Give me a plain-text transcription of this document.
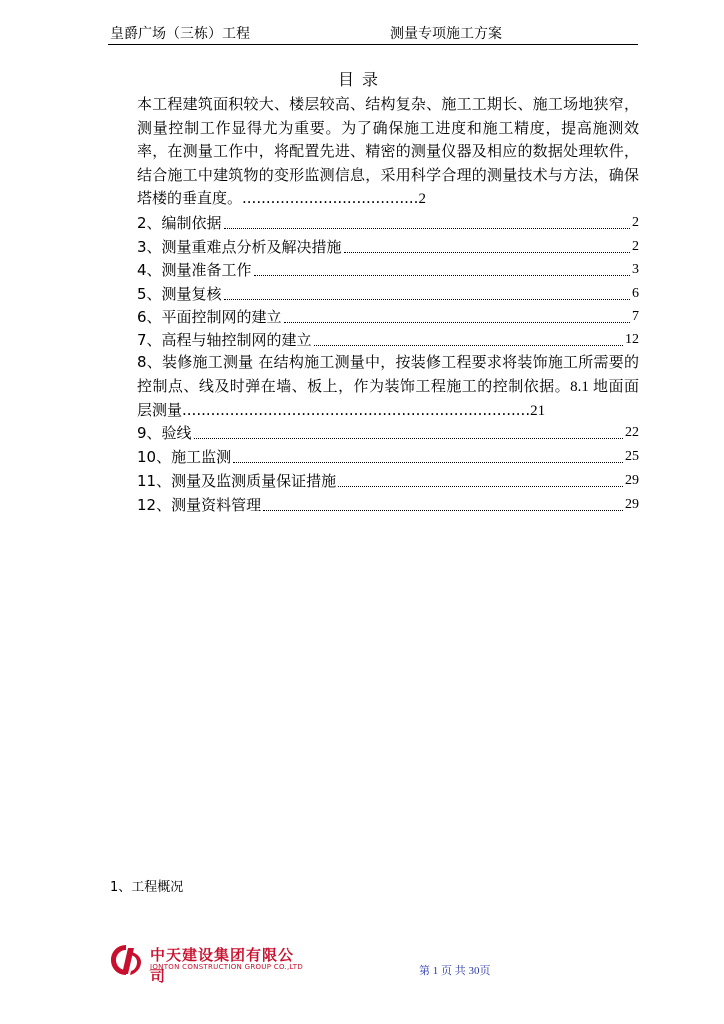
皇爵广场（三栋）工程	测量专项施工方案
目录
本工程建筑面积较大、楼层较高、结构复杂、施工工期长、施工场地狭窄，测量控制工作显得尤为重要。为了确保施工进度和施工精度，提高施测效率，在测量工作中，将配置先进、精密的测量仪器及相应的数据处理软件，结合施工中建筑物的变形监测信息，采用科学合理的测量技术与方法，确保塔楼的垂直度。.....................................2
2、编制依据	2
3、测量重难点分析及解决措施	2
4、测量准备工作	3
5、测量复核	6
6、平面控制网的建立	7
7、高程与轴控制网的建立	12
8、装修施工测量 在结构施工测量中，按装修工程要求将装饰施工所需要的控制点、线及时弹在墙、板上，作为装饰工程施工的控制依据。8.1 地面面层测量.........................................................................21
9、验线	22
10、施工监测	25
11、测量及监测质量保证措施	29
12、测量资料管理	29
1、工程概况
中天建设集团有限公司
JONTON CONSTRUCTION GROUP CO.,LTD	第 1 页 共 30页
